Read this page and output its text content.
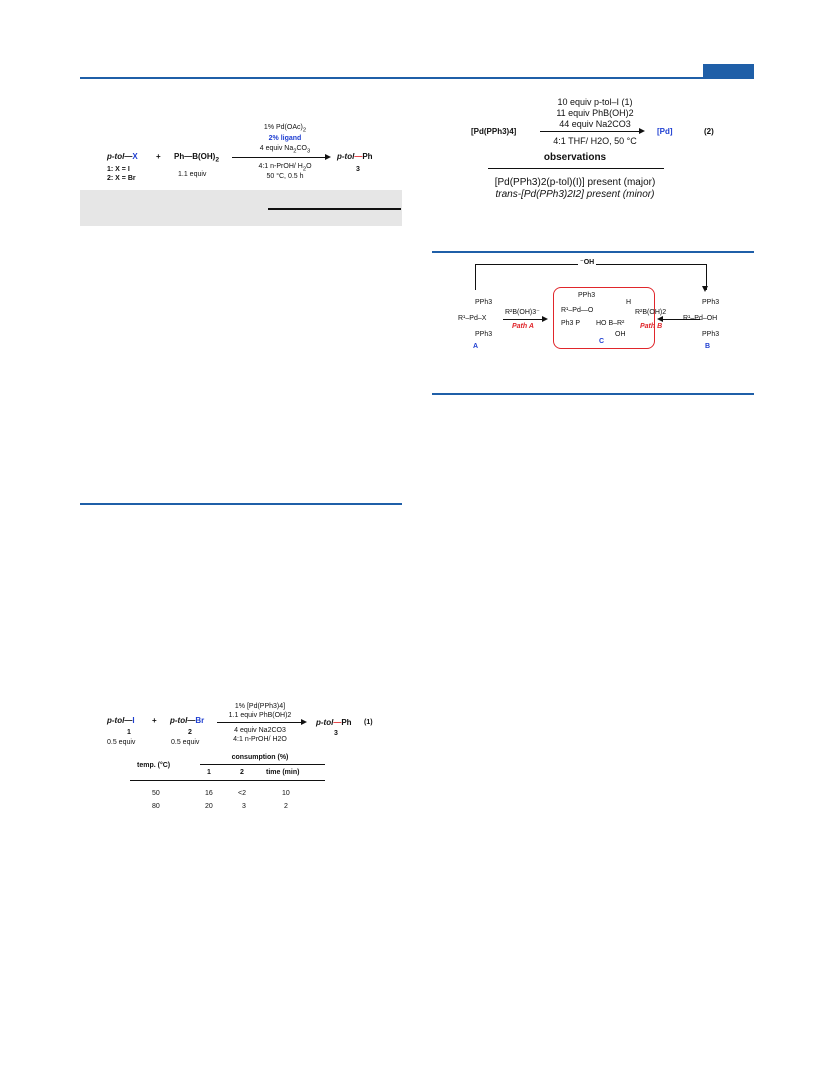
p-tol—X
1: X = I
2: X = Br
+ $Ph—B(OH)_2$
1.1 equiv
1% $Pd(OAc)_2$
2% ligand
4 equiv $Na_2CO_3$
4:1 n-PrOH/ $H_2O$
50 °C, 0.5 h
p-tol—Ph
3
p-tol—I
1
0.5 equiv
+ p-tol—Br
2
0.5 equiv
1% [Pd(PPh3)4]
1.1 equiv PhB(OH)2
4 equiv Na2CO3
4:1 n-PrOH/ H2O
p-tol—Ph
3
(1)
temp. (°C)
consumption (%)
1	2	time (min)
50	16	<2	10
80	20	3	2
10 equiv p-tol–I (1)
11 equiv PhB(OH)2
44 equiv Na2CO3
[Pd(PPh3)4]
4:1 THF/ H2O, 50 °C
[Pd]	(2)
observations
[Pd(PPh3)2(p-tol)(I)] present (major)
trans-[Pd(PPh3)2I2] present (minor)
⁻OH
PPh3
R¹–Pd–X
PPh3
A
R²B(OH)3⁻
Path A
PPh3
R¹–Pd—O
H
Ph3 P HO B–R²
OH
C
R²B(OH)2
Path B
PPh3
R¹–Pd–OH
PPh3
B
